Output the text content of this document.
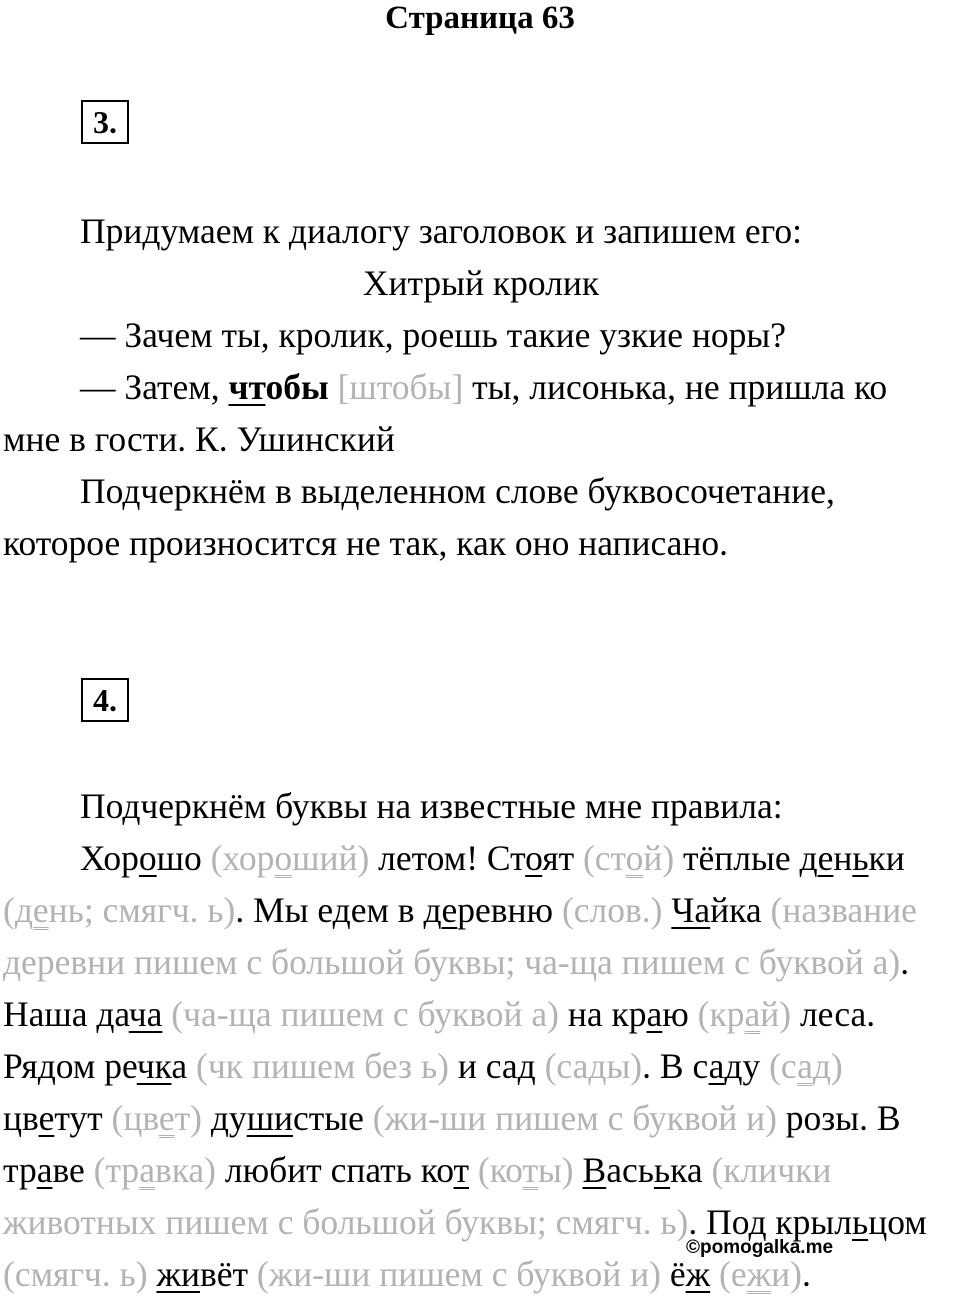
Страница 63
3.
Придумаем к диалогу заголовок и запишем его:
Хитрый кролик
— Зачем ты, кролик, роешь такие узкие норы?
— Затем, чтобы [штобы] ты, лисонька, не пришла ко
мне в гости. К. Ушинский
Подчеркнём в выделенном слове буквосочетание,
которое произносится не так, как оно написано.
4.
Подчеркнём буквы на известные мне правила:
Хорошо (хороший) летом! Стоят (стой) тёплые деньки
(день; смягч. ь). Мы едем в деревню (слов.) Чайка (название
деревни пишем с большой буквы; ча-ща пишем с буквой а).
Наша дача (ча-ща пишем с буквой а) на краю (край) леса.
Рядом речка (чк пишем без ь) и сад (сады). В саду (сад)
цветут (цвет) душистые (жи-ши пишем с буквой и) розы. В
траве (травка) любит спать кот (коты) Васьька (клички
животных пишем с большой буквы; смягч. ь). Под крыльцом
(смягч. ь) живёт (жи-ши пишем с буквой и) ёж (ежи).
©pomogalka.me
